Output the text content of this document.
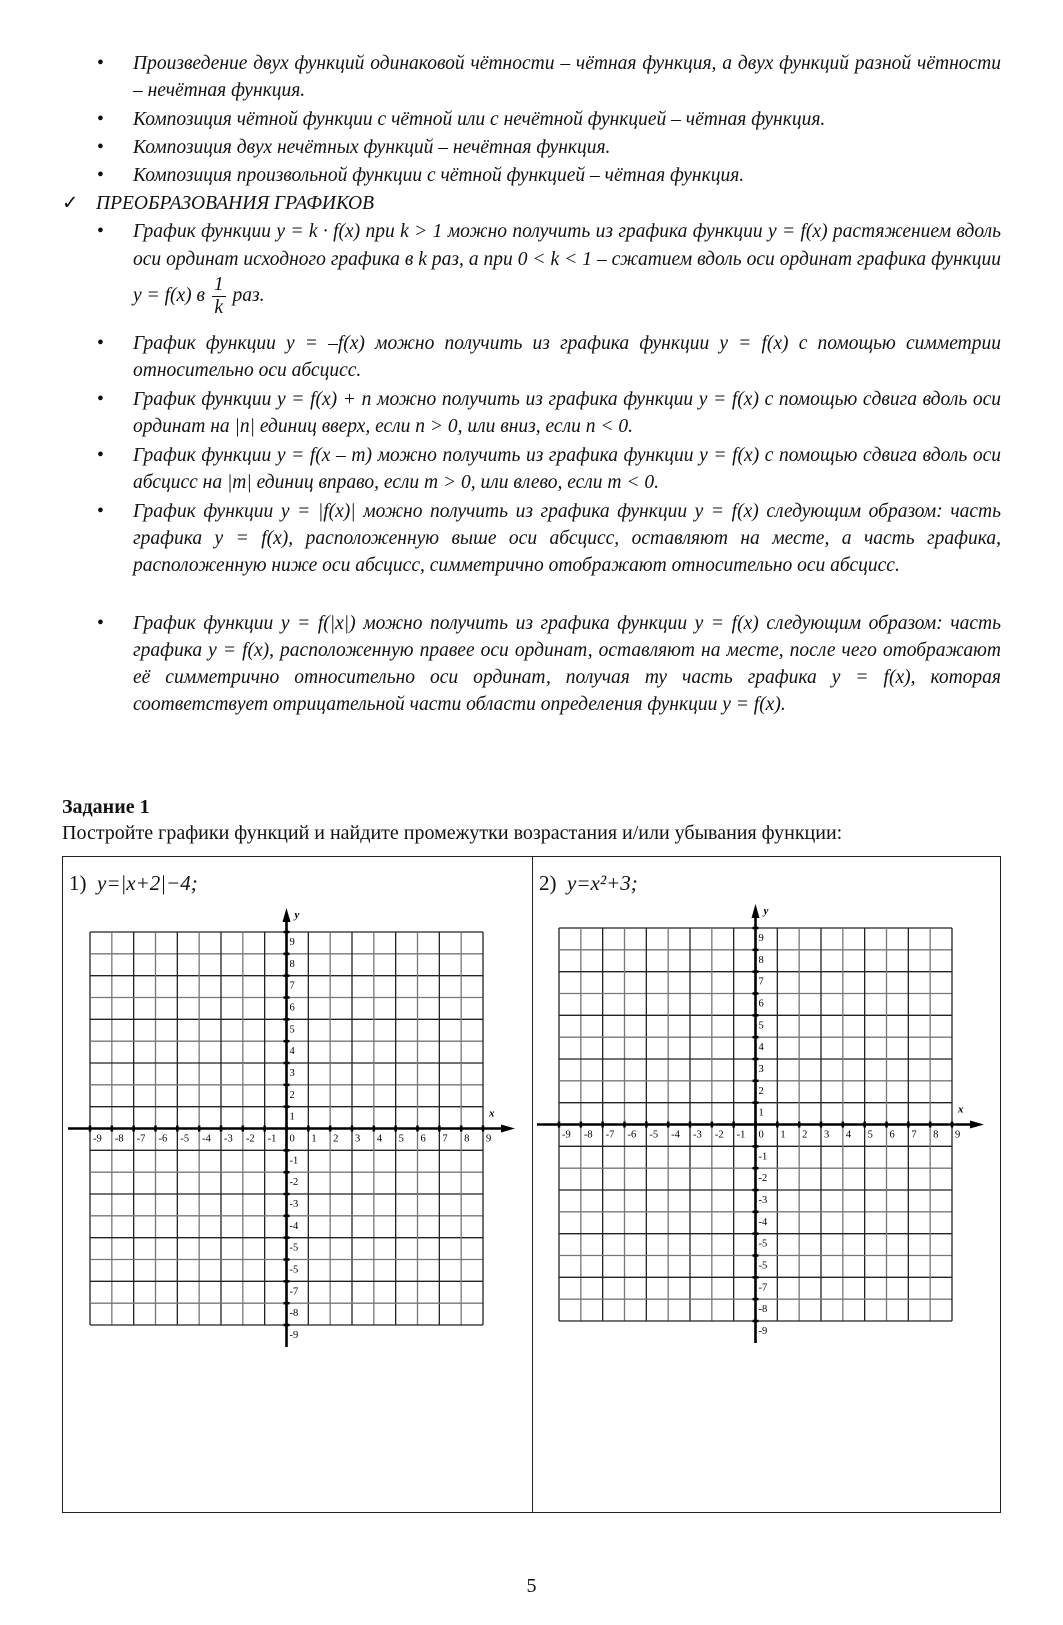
• Произведение двух функций одинаковой чётности – чётная функция, а двух функций разной чётности – нечётная функция.
• Композиция чётной функции с чётной или с нечётной функцией – чётная функция.
• Композиция двух нечётных функций – нечётная функция.
• Композиция произвольной функции с чётной функцией – чётная функция.
✓ ПРЕОБРАЗОВАНИЯ ГРАФИКОВ
• График функции y = k · f(x) при k > 1 можно получить из графика функции y = f(x) растяжением вдоль оси ординат исходного графика в k раз, а при 0 < k < 1 – сжатием вдоль оси ординат графика функции y = f(x) в $\frac{1}{k}$ раз.
• График функции y = –f(x) можно получить из графика функции y = f(x) с помощью симметрии относительно оси абсцисс.
• График функции y = f(x) + n можно получить из графика функции y = f(x) с помощью сдвига вдоль оси ординат на |n| единиц вверх, если n > 0, или вниз, если n < 0.
• График функции y = f(x – m) можно получить из графика функции y = f(x) с помощью сдвига вдоль оси абсцисс на |m| единиц вправо, если m > 0, или влево, если m < 0.
• График функции y = |f(x)| можно получить из графика функции y = f(x) следующим образом: часть графика y = f(x), расположенную выше оси абсцисс, оставляют на месте, а часть графика, расположенную ниже оси абсцисс, симметрично отображают относительно оси абсцисс.
• График функции y = f(|x|) можно получить из графика функции y = f(x) следующим образом: часть графика y = f(x), расположенную правее оси ординат, оставляют на месте, после чего отображают её симметрично относительно оси ординат, получая ту часть графика y = f(x), которая соответствует отрицательной части области определения функции y = f(x).
Задание 1
Постройте графики функций и найдите промежутки возрастания и/или убывания функции:
1) y=|x+2|−4;	2) y=x²+3;
x
y
-9 -8 -7 -6 -5 -4 -3 -2 -1 0 1 2 3 4 5 6 7 8 9
1
2
3
4
5
6
7
8
9
-1
-2
-3
-4
-5
-5
-7
-8
-9
x
y
-9 -8 -7 -6 -5 -4 -3 -2 -1 0 1 2 3 4 5 6 7 8 9
1
2
3
4
5
6
7
8
9
-1
-2
-3
-4
-5
-5
-7
-8
-9
5
